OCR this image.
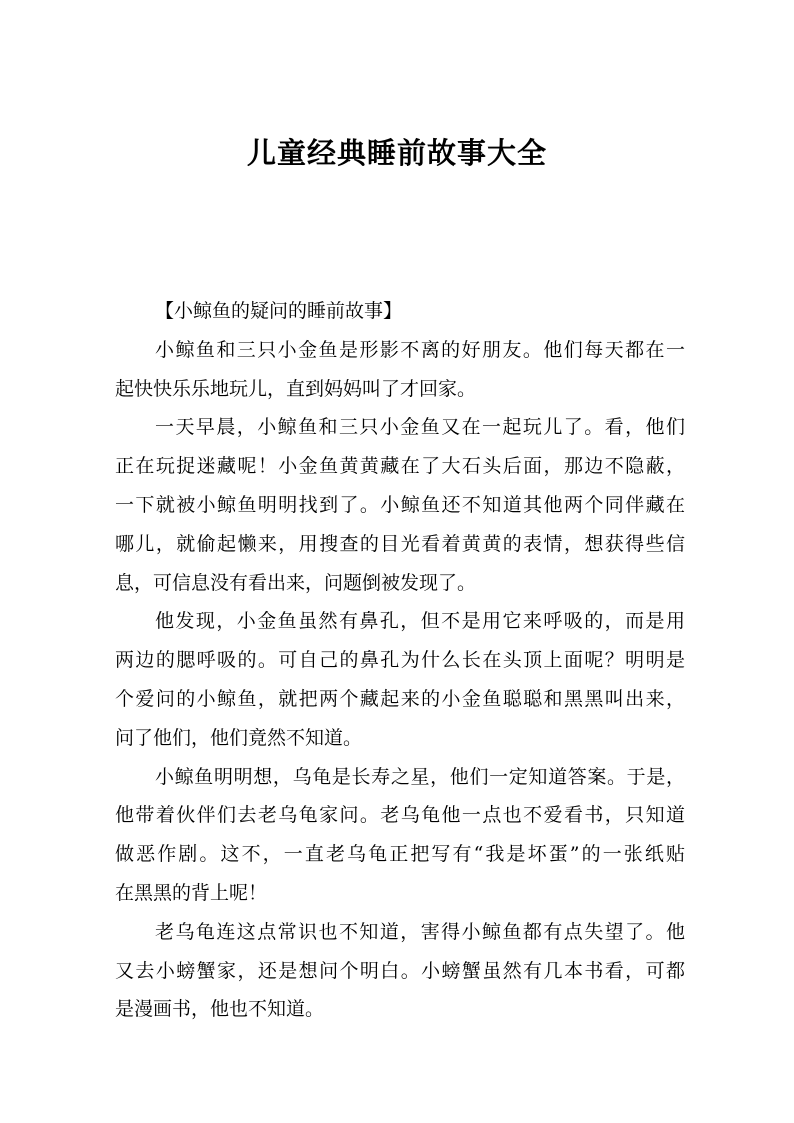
儿童经典睡前故事大全

【小鲸鱼的疑问的睡前故事】

小鲸鱼和三只小金鱼是形影不离的好朋友。他们每天都在一
起快快乐乐地玩儿，直到妈妈叫了才回家。

一天早晨，小鲸鱼和三只小金鱼又在一起玩儿了。看，他们
正在玩捉迷藏呢！小金鱼黄黄藏在了大石头后面，那边不隐蔽，
一下就被小鲸鱼明明找到了。小鲸鱼还不知道其他两个同伴藏在
哪儿，就偷起懒来，用搜查的目光看着黄黄的表情，想获得些信
息，可信息没有看出来，问题倒被发现了。

他发现，小金鱼虽然有鼻孔，但不是用它来呼吸的，而是用
两边的腮呼吸的。可自己的鼻孔为什么长在头顶上面呢？明明是
个爱问的小鲸鱼，就把两个藏起来的小金鱼聪聪和黑黑叫出来，
问了他们，他们竟然不知道。

小鲸鱼明明想，乌龟是长寿之星，他们一定知道答案。于是，
他带着伙伴们去老乌龟家问。老乌龟他一点也不爱看书，只知道
做恶作剧。这不，一直老乌龟正把写有“我是坏蛋”的一张纸贴
在黑黑的背上呢！

老乌龟连这点常识也不知道，害得小鲸鱼都有点失望了。他
又去小螃蟹家，还是想问个明白。小螃蟹虽然有几本书看，可都
是漫画书，他也不知道。
